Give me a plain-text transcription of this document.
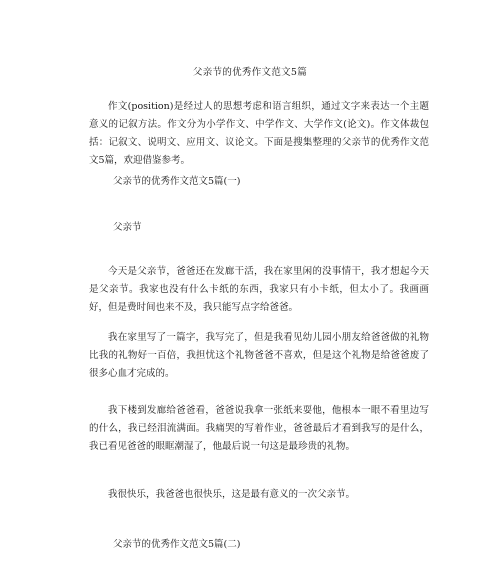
父亲节的优秀作文范文5篇

作文(position)是经过人的思想考虑和语言组织，通过文字来表达一个主题意义的记叙方法。作文分为小学作文、中学作文、大学作文(论文)。作文体裁包括：记叙文、说明文、应用文、议论文。下面是搜集整理的父亲节的优秀作文范文5篇，欢迎借鉴参考。

父亲节的优秀作文范文5篇(一)

父亲节

今天是父亲节，爸爸还在发廊干活，我在家里闲的没事情干，我才想起今天是父亲节。我家也没有什么卡纸的东西，我家只有小卡纸，但太小了。我画画好，但是费时间也来不及，我只能写点字给爸爸。

我在家里写了一篇字，我写完了，但是我看见幼儿园小朋友给爸爸做的礼物比我的礼物好一百倍，我担忧这个礼物爸爸不喜欢，但是这个礼物是给爸爸废了很多心血才完成的。

我下楼到发廊给爸爸看，爸爸说我拿一张纸来耍他，他根本一眼不看里边写的什么，我已经泪流满面。我痛哭的写着作业，爸爸最后才看到我写的是什么，我已看见爸爸的眼眶潮湿了，他最后说一句这是最珍贵的礼物。

我很快乐，我爸爸也很快乐，这是最有意义的一次父亲节。

父亲节的优秀作文范文5篇(二)
